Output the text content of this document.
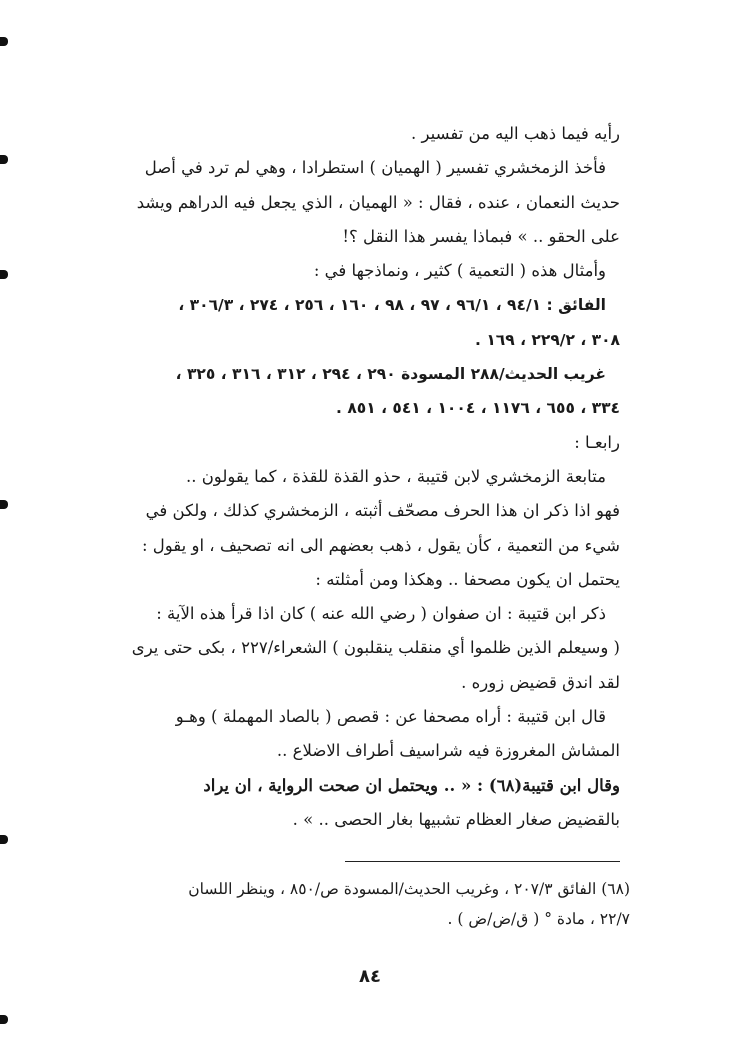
رأيه فيما ذهب اليه من تفسير .
فأخذ الزمخشري تفسير ( الهميان ) استطرادا ، وهي لم ترد في أصل
حديث النعمان ، عنده ، فقال : « الهميان ، الذي يجعل فيه الدراهم ويشد
على الحقو .. » فبماذا يفسر هذا النقل ؟!
وأمثال هذه ( التعمية ) كثير ، ونماذجها في :
الفائق : ٩٤/١ ، ٩٦/١ ، ٩٧ ، ٩٨ ، ١٦٠ ، ٢٥٦ ، ٢٧٤ ، ٣٠٦/٣ ،
٣٠٨ ، ٢٢٩/٢ ، ١٦٩ .
غريب الحديث/٢٨٨ المسودة ٢٩٠ ، ٢٩٤ ، ٣١٢ ، ٣١٦ ، ٣٢٥ ،
٣٣٤ ، ٦٥٥ ، ١١٧٦ ، ١٠٠٤ ، ٥٤١ ، ٨٥١ .
رابعـا :
متابعة الزمخشري لابن قتيبة ، حذو القذة للقذة ، كما يقولون ..
فهو اذا ذكر ان هذا الحرف مصحّف أثبته ، الزمخشري كذلك ، ولكن في
شيء من التعمية ، كأن يقول ، ذهب بعضهم الى انه تصحيف ، او يقول :
يحتمل ان يكون مصحفا .. وهكذا ومن أمثلته :
ذكر ابن قتيبة : ان صفوان ( رضي الله عنه ) كان اذا قرأ هذه الآية :
( وسيعلم الذين ظلموا أي منقلب ينقلبون ) الشعراء/٢٢٧ ، بكى حتى يرى
لقد اندق قضيض زوره .
قال ابن قتيبة : أراه مصحفا عن : قصص ( بالصاد المهملة ) وهـو
المشاش المغروزة فيه شراسيف أطراف الاضلاع ..
وقال ابن قتيبة(٦٨) : « .. ويحتمل ان صحت الرواية ، ان يراد
بالقضيض صغار العظام تشبيها بغار الحصى .. » .
(٦٨) الفائق ٢٠٧/٣ ، وغريب الحديث/المسودة ص/٨٥٠ ، وينظر اللسان
٢٢/٧ ، مادة ° ( ق/ض/ض ) .
٨٤
